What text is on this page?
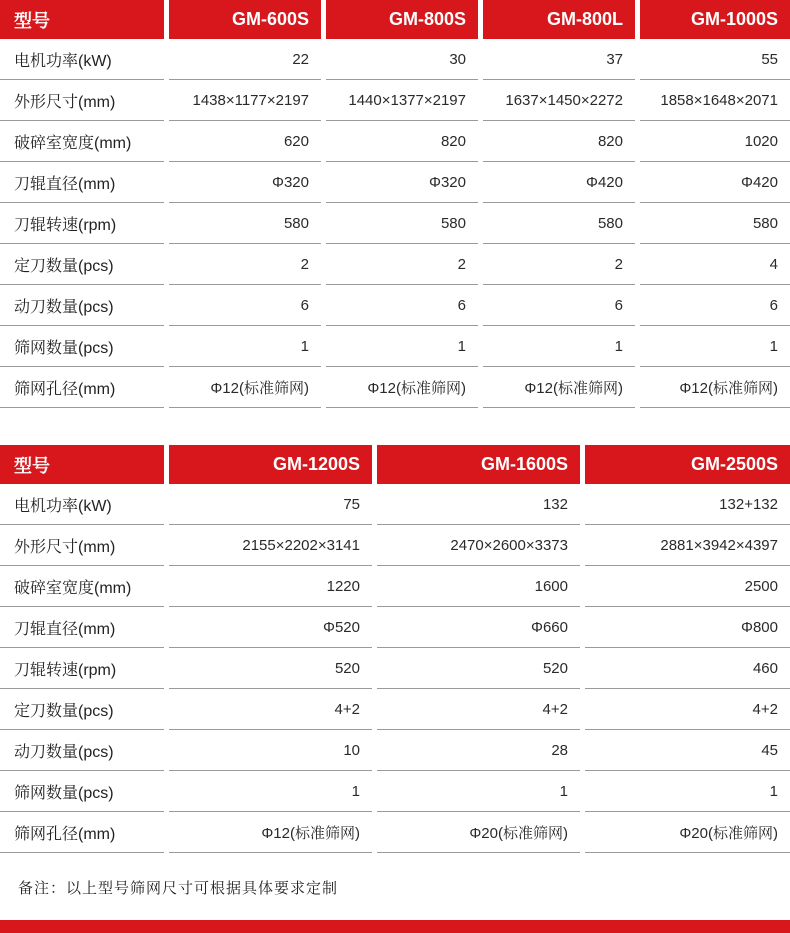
型号		GM-600S		GM-800S		GM-800L		GM-1000S
电机功率(kW)		22		30		37		55
外形尺寸(mm)		1438×1177×2197		1440×1377×2197		1637×1450×2272		1858×1648×2071
破碎室宽度(mm)		620		820		820		1020
刀辊直径(mm)		Φ320		Φ320		Φ420		Φ420
刀辊转速(rpm)		580		580		580		580
定刀数量(pcs)		2		2		2		4
动刀数量(pcs)		6		6		6		6
筛网数量(pcs)		1		1		1		1
筛网孔径(mm)		Φ12(标准筛网)		Φ12(标准筛网)		Φ12(标准筛网)		Φ12(标准筛网)
型号		GM-1200S		GM-1600S		GM-2500S
电机功率(kW)		75		132		132+132
外形尺寸(mm)		2155×2202×3141		2470×2600×3373		2881×3942×4397
破碎室宽度(mm)		1220		1600		2500
刀辊直径(mm)		Φ520		Φ660		Φ800
刀辊转速(rpm)		520		520		460
定刀数量(pcs)		4+2		4+2		4+2
动刀数量(pcs)		10		28		45
筛网数量(pcs)		1		1		1
筛网孔径(mm)		Φ12(标准筛网)		Φ20(标准筛网)		Φ20(标准筛网)
备注：以上型号筛网尺寸可根据具体要求定制
